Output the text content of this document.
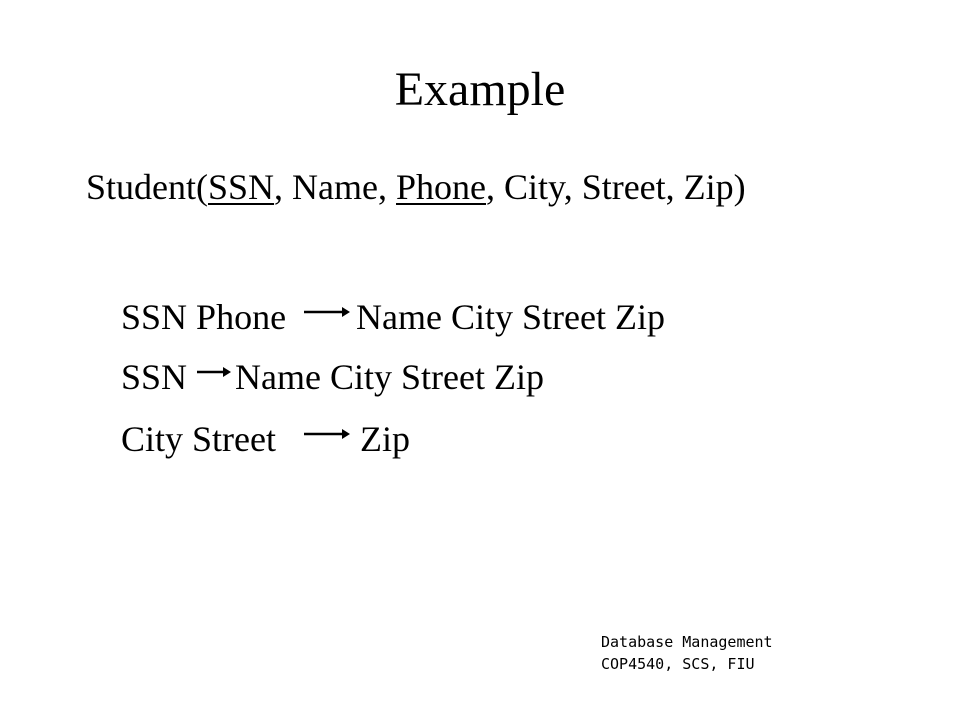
Example
Student(SSN, Name, Phone, City, Street, Zip)
SSN Phone Name City Street Zip
SSN Name City Street Zip
City Street Zip
Database Management
COP4540, SCS, FIU
